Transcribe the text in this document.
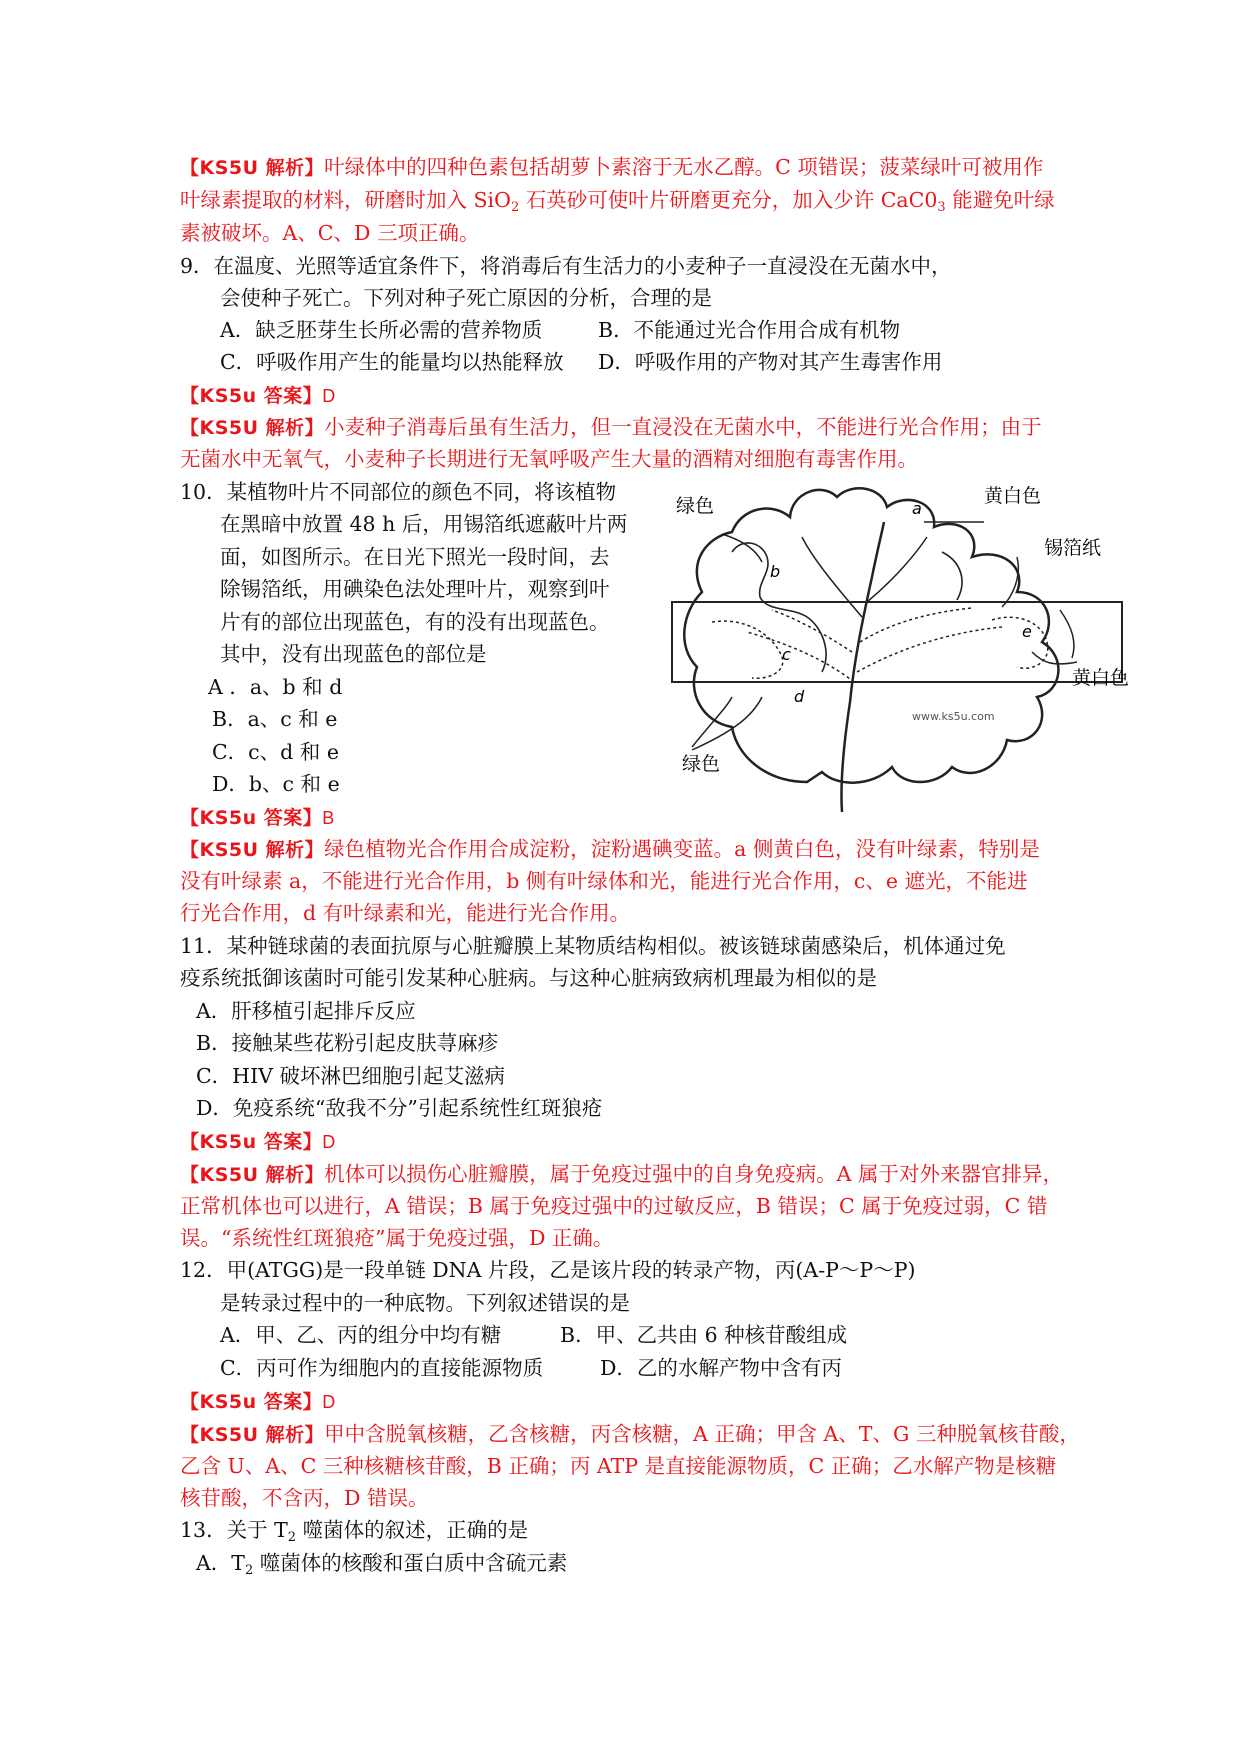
【KS5U 解析】叶绿体中的四种色素包括胡萝卜素溶于无水乙醇。C 项错误；菠菜绿叶可被用作
叶绿素提取的材料，研磨时加入 SiO$_2$ 石英砂可使叶片研磨更充分，加入少许 $CaC0_3$ 能避免叶绿
素被破坏。A、C、D 三项正确。
9．在温度、光照等适宜条件下，将消毒后有生活力的小麦种子一直浸没在无菌水中，
会使种子死亡。下列对种子死亡原因的分析，合理的是
A．缺乏胚芽生长所必需的营养物质	B．不能通过光合作用合成有机物
C．呼吸作用产生的能量均以热能释放 D．呼吸作用的产物对其产生毒害作用
【KS5u 答案】D
【KS5U 解析】小麦种子消毒后虽有生活力，但一直浸没在无菌水中，不能进行光合作用；由于
无菌水中无氧气，小麦种子长期进行无氧呼吸产生大量的酒精对细胞有毒害作用。
10．某植物叶片不同部位的颜色不同，将该植物
在黑暗中放置 48 h 后，用锡箔纸遮蔽叶片两
面，如图所示。在日光下照光一段时间，去
除锡箔纸，用碘染色法处理叶片，观察到叶
片有的部位出现蓝色，有的没有出现蓝色。
其中，没有出现蓝色的部位是
A ．a、b 和 d
B．a、c 和 e
C．c、d 和 e
D．b、c 和 e
绿色	黄白色
锡箔纸
黄白色
绿色
a
b
c
d
e
www.ks5u.com
【KS5u 答案】B
【KS5U 解析】绿色植物光合作用合成淀粉，淀粉遇碘变蓝。a 侧黄白色，没有叶绿素，特别是
没有叶绿素 a，不能进行光合作用，b 侧有叶绿体和光，能进行光合作用，c、e 遮光，不能进
行光合作用，d 有叶绿素和光，能进行光合作用。
11．某种链球菌的表面抗原与心脏瓣膜上某物质结构相似。被该链球菌感染后，机体通过免
疫系统抵御该菌时可能引发某种心脏病。与这种心脏病致病机理最为相似的是
A．肝移植引起排斥反应
B．接触某些花粉引起皮肤荨麻疹
C．HIV 破坏淋巴细胞引起艾滋病
D．免疫系统“敌我不分”引起系统性红斑狼疮
【KS5u 答案】D
【KS5U 解析】机体可以损伤心脏瓣膜，属于免疫过强中的自身免疫病。A 属于对外来器官排异，
正常机体也可以进行，A 错误；B 属于免疫过强中的过敏反应，B 错误；C 属于免疫过弱，C 错
误。“系统性红斑狼疮”属于免疫过强，D 正确。
12．甲(ATGG)是一段单链 DNA 片段，乙是该片段的转录产物，丙(A-P～P～P)
是转录过程中的一种底物。下列叙述错误的是
A．甲、乙、丙的组分中均有糖	B．甲、乙共由 6 种核苷酸组成
C．丙可作为细胞内的直接能源物质	D．乙的水解产物中含有丙
【KS5u 答案】D
【KS5U 解析】甲中含脱氧核糖，乙含核糖，丙含核糖，A 正确；甲含 A、T、G 三种脱氧核苷酸，
乙含 U、A、C 三种核糖核苷酸，B 正确；丙 ATP 是直接能源物质，C 正确；乙水解产物是核糖
核苷酸，不含丙，D 错误。
13．关于 $T_2$ 噬菌体的叙述，正确的是
A．$T_2$ 噬菌体的核酸和蛋白质中含硫元素
